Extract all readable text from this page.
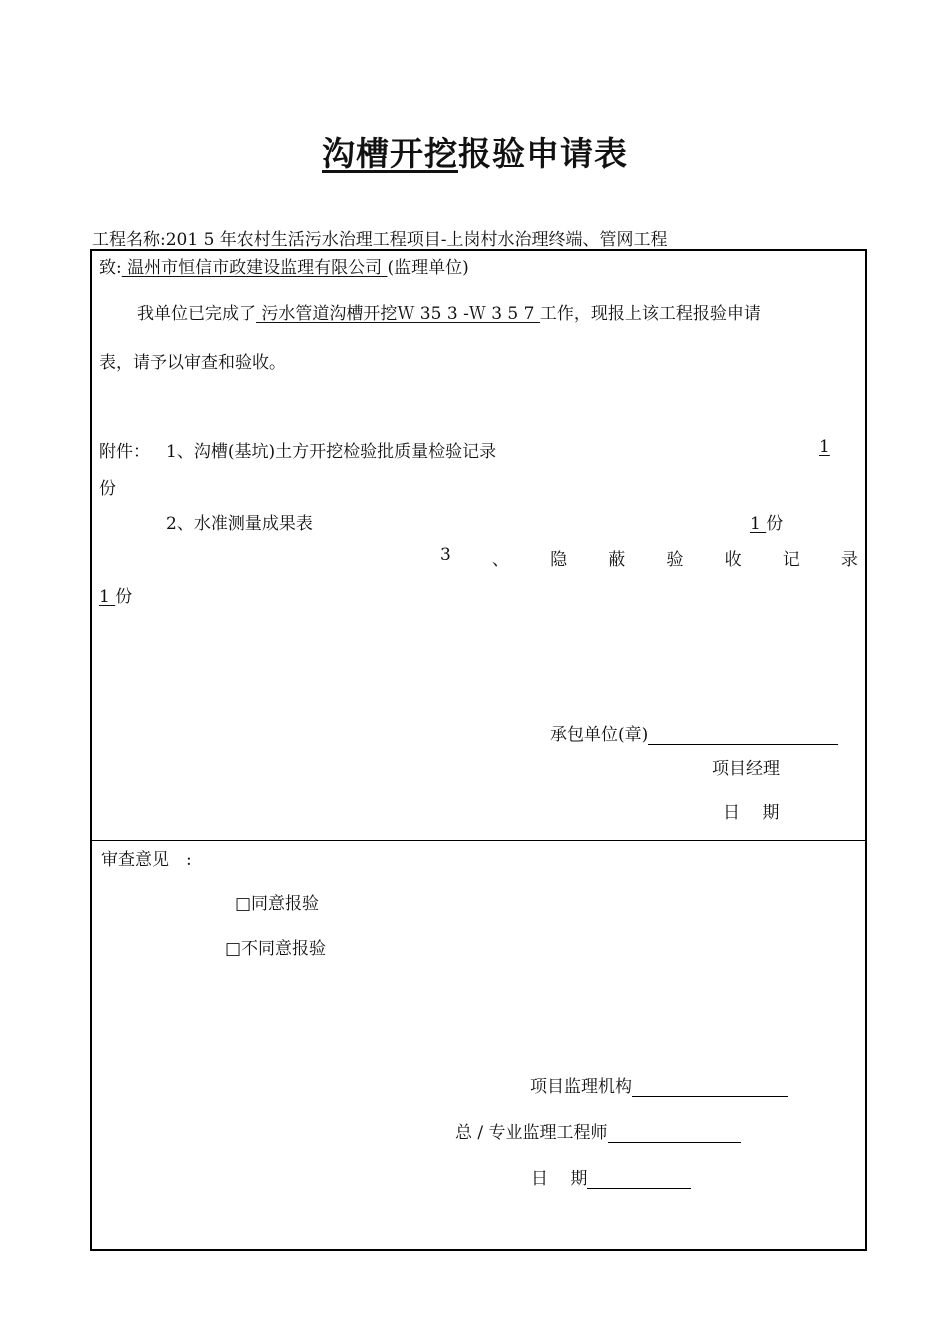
沟槽开挖报验申请表
工程名称:201 5 年农村生活污水治理工程项目-上岗村水治理终端、管网工程
致: 温州市恒信市政建设监理有限公司 (监理单位)
我单位已完成了 污水管道沟槽开挖Ｗ 35 3 -Ｗ 3 5 7 工作，现报上该工程报验申请
表，请予以审查和验收。
附件： 1、沟槽(基坑)土方开挖检验批质量检验记录	1
份
2、水准测量成果表	1 份
3 、 隐 蔽 验 收 记 录
1 份
承包单位(章)
项目经理
日　 期
审查意见　:
□同意报验
□不同意报验
项目监理机构
总 / 专业监理工程师
日　 期
